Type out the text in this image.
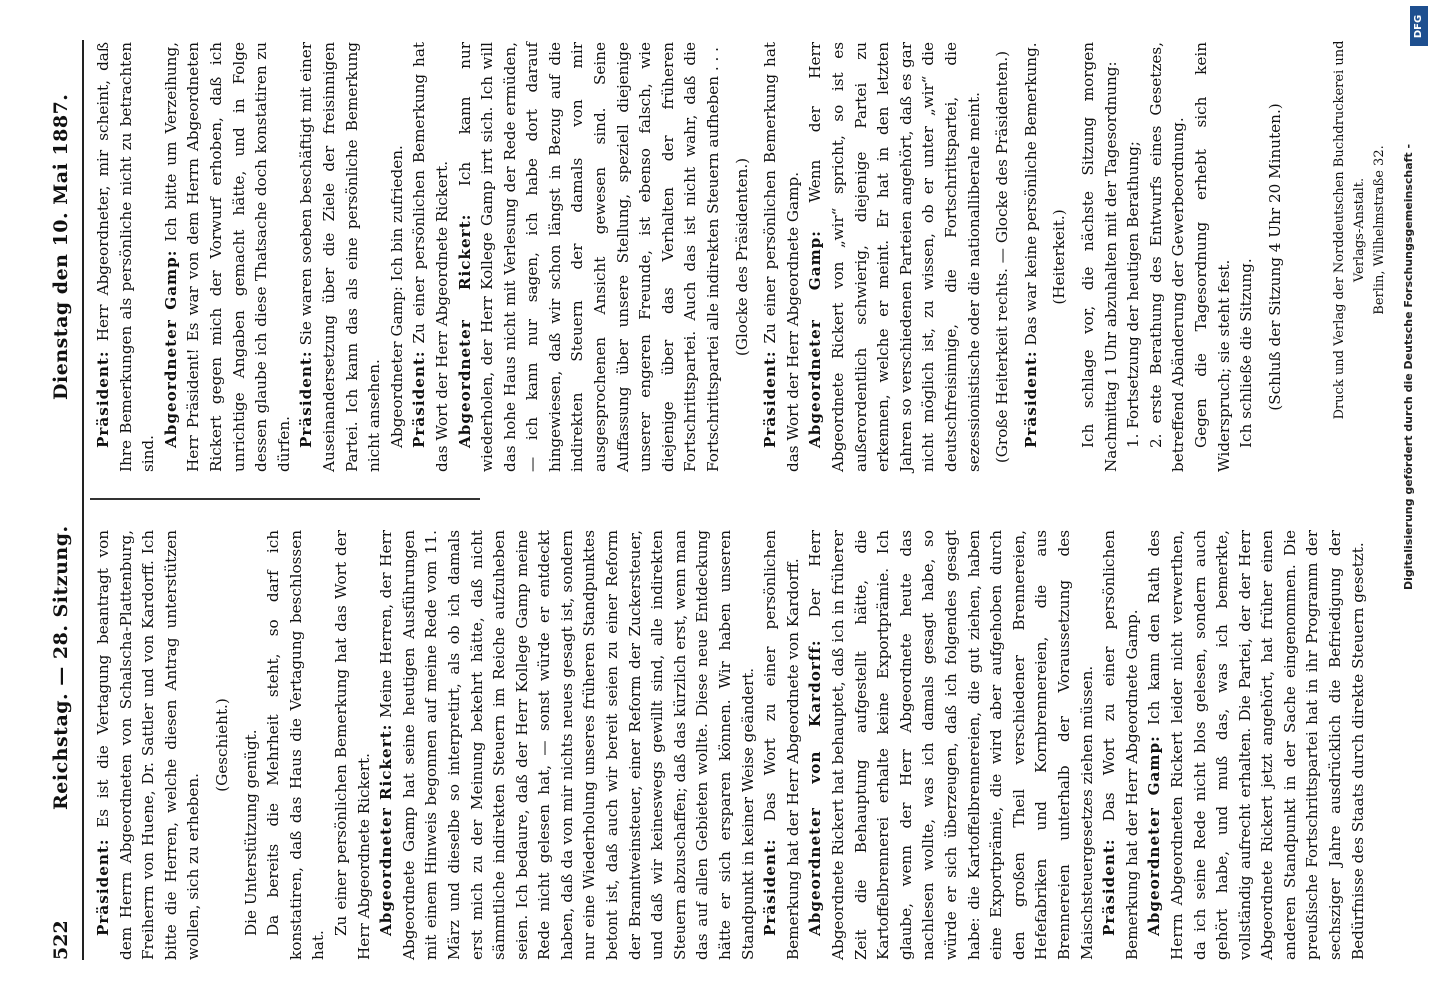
522
Reichstag. — 28. Sitzung.
Dienstag den 10. Mai 1887.

Präsident: Es ist die Vertagung beantragt von dem Herrn Abgeordneten von Schalscha-Plattenburg, Freiherrn von Huene, Dr. Sattler und von Kardorff. Ich bitte die Herren, welche diesen Antrag unterstützen wollen, sich zu erheben.

(Geschieht.) Die Unterstützung genügt. Da bereits die Mehrheit steht, so darf ich konstatiren, daß das Haus die Vertagung beschlossen hat.

Zu einer persönlichen Bemerkung hat das Wort der Herr Abgeordnete Rickert. Abgeordneter Rickert: Meine Herren, der Herr Abgeordnete Gamp hat seine heutigen Ausführungen mit einem Hinweis begonnen auf meine Rede vom 11. März und dieselbe so interpretirt, als ob ich damals erst mich zu der Meinung bekehrt hätte, daß nicht sämmtliche indirekten Steuern im Reiche aufzuheben seien. Ich bedaure, daß der Herr Kollege Gamp meine Rede nicht gelesen hat, — sonst würde er entdeckt haben, daß da von mir nichts neues gesagt ist, sondern nur eine Wiederholung unseres früheren Standpunktes betont ist, daß auch wir bereit seien zu einer Reform der Branntweinsteuer, einer Reform der Zuckersteuer, und daß wir keineswegs gewillt sind, alle indirekten Steuern abzuschaffen; daß das kürzlich erst, wenn man das auf allen Gebieten wollte. Diese neue Entdeckung hätte er sich ersparen können. Wir haben unseren Standpunkt in keiner Weise geändert. Präsident: Das Wort zu einer persönlichen Bemerkung hat der Herr Abgeordnete von Kardorff. Abgeordneter von Kardorff: Der Herr Abgeordnete Rickert hat behauptet, daß ich in früherer Zeit die Behauptung aufgestellt hätte, die Kartoffelbrennerei erhalte keine Exportprämie. Ich glaube, wenn der Herr Abgeordnete heute das nachlesen wollte, was ich damals gesagt habe, so würde er sich überzeugen, daß ich folgendes gesagt habe: die Kartoffelbrennereien, die gut ziehen, haben eine Exportprämie, die wird aber aufgehoben durch den großen Theil verschiedener Brennereien, Hefefabriken und Kornbrennereien, die aus Brennereien unterhalb der Voraussetzung des Maischsteuergesetzes ziehen müssen. Präsident: Das Wort zu einer persönlichen Bemerkung hat der Herr Abgeordnete Gamp. Abgeordneter Gamp: Ich kann den Rath des Herrn Abgeordneten Rickert leider nicht verwerthen, da ich seine Rede nicht blos gelesen, sondern auch gehört habe, und muß das, was ich bemerkte, vollständig aufrecht erhalten. Die Partei, der der Herr Abgeordnete Rickert jetzt angehört, hat früher einen anderen Standpunkt in der Sache eingenommen. Die preußische Fortschrittspartei hat in ihr Programm der sechsziger Jahre ausdrücklich die Befriedigung der Bedürfnisse des Staats durch direkte Steuern gesetzt.

Präsident: Herr Abgeordneter, mir scheint, daß Ihre Bemerkungen als persönliche nicht zu betrachten sind.

Abgeordneter Gamp: Ich bitte um Verzeihung, Herr Präsident! Es war von dem Herrn Abgeordneten Rickert gegen mich der Vorwurf erhoben, daß ich unrichtige Angaben gemacht hätte, und in Folge dessen glaube ich diese Thatsache doch konstatiren zu dürfen. Präsident: Sie waren soeben beschäftigt mit einer Auseinandersetzung über die Ziele der freisinnigen Partei. Ich kann das als eine persönliche Bemerkung nicht ansehen. Abgeordneter Gamp: Ich bin zufrieden. Präsident: Zu einer persönlichen Bemerkung hat das Wort der Herr Abgeordnete Rickert. Abgeordneter Rickert: Ich kann nur wiederholen, der Herr Kollege Gamp irrt sich. Ich will das hohe Haus nicht mit Verlesung der Rede ermüden, — ich kann nur sagen, ich habe dort darauf hingewiesen, daß wir schon längst in Bezug auf die indirekten Steuern der damals von mir ausgesprochenen Ansicht gewesen sind. Seine Auffassung über unsere Stellung, speziell diejenige unserer engeren Freunde, ist ebenso falsch, wie diejenige über das Verhalten der früheren Fortschrittspartei. Auch das ist nicht wahr, daß die Fortschrittspartei alle indirekten Steuern aufheben . . . (Glocke des Präsidenten.)

Präsident: Zu einer persönlichen Bemerkung hat das Wort der Herr Abgeordnete Gamp. Abgeordneter Gamp: Wenn der Herr Abgeordnete Rickert von „wir“ spricht, so ist es außerordentlich schwierig, diejenige Partei zu erkennen, welche er meint. Er hat in den letzten Jahren so verschiedenen Parteien angehört, daß es gar nicht möglich ist, zu wissen, ob er unter „wir“ die deutschfreisinnige, die Fortschrittspartei, die sezessionistische oder die nationalliberale meint. (Große Heiterkeit rechts. — Glocke des Präsidenten.) Präsident: Das war keine persönliche Bemerkung. (Heiterkeit.) Ich schlage vor, die nächste Sitzung morgen Nachmittag 1 Uhr abzuhalten mit der Tagesordnung: 1. Fortsetzung der heutigen Berathung; 2. erste Berathung des Entwurfs eines Gesetzes, betreffend Abänderung der Gewerbeordnung. Gegen die Tagesordnung erhebt sich kein Widerspruch; sie steht fest. Ich schließe die Sitzung. (Schluß der Sitzung 4 Uhr 20 Minuten.)	Druck und Verlag der Norddeutschen Buchdruckerei und Verlags-Anstalt. Berlin, Wilhelmstraße 32. Digitalisierung gefördert durch die Deutsche Forschungsgemeinschaft -
DFG
